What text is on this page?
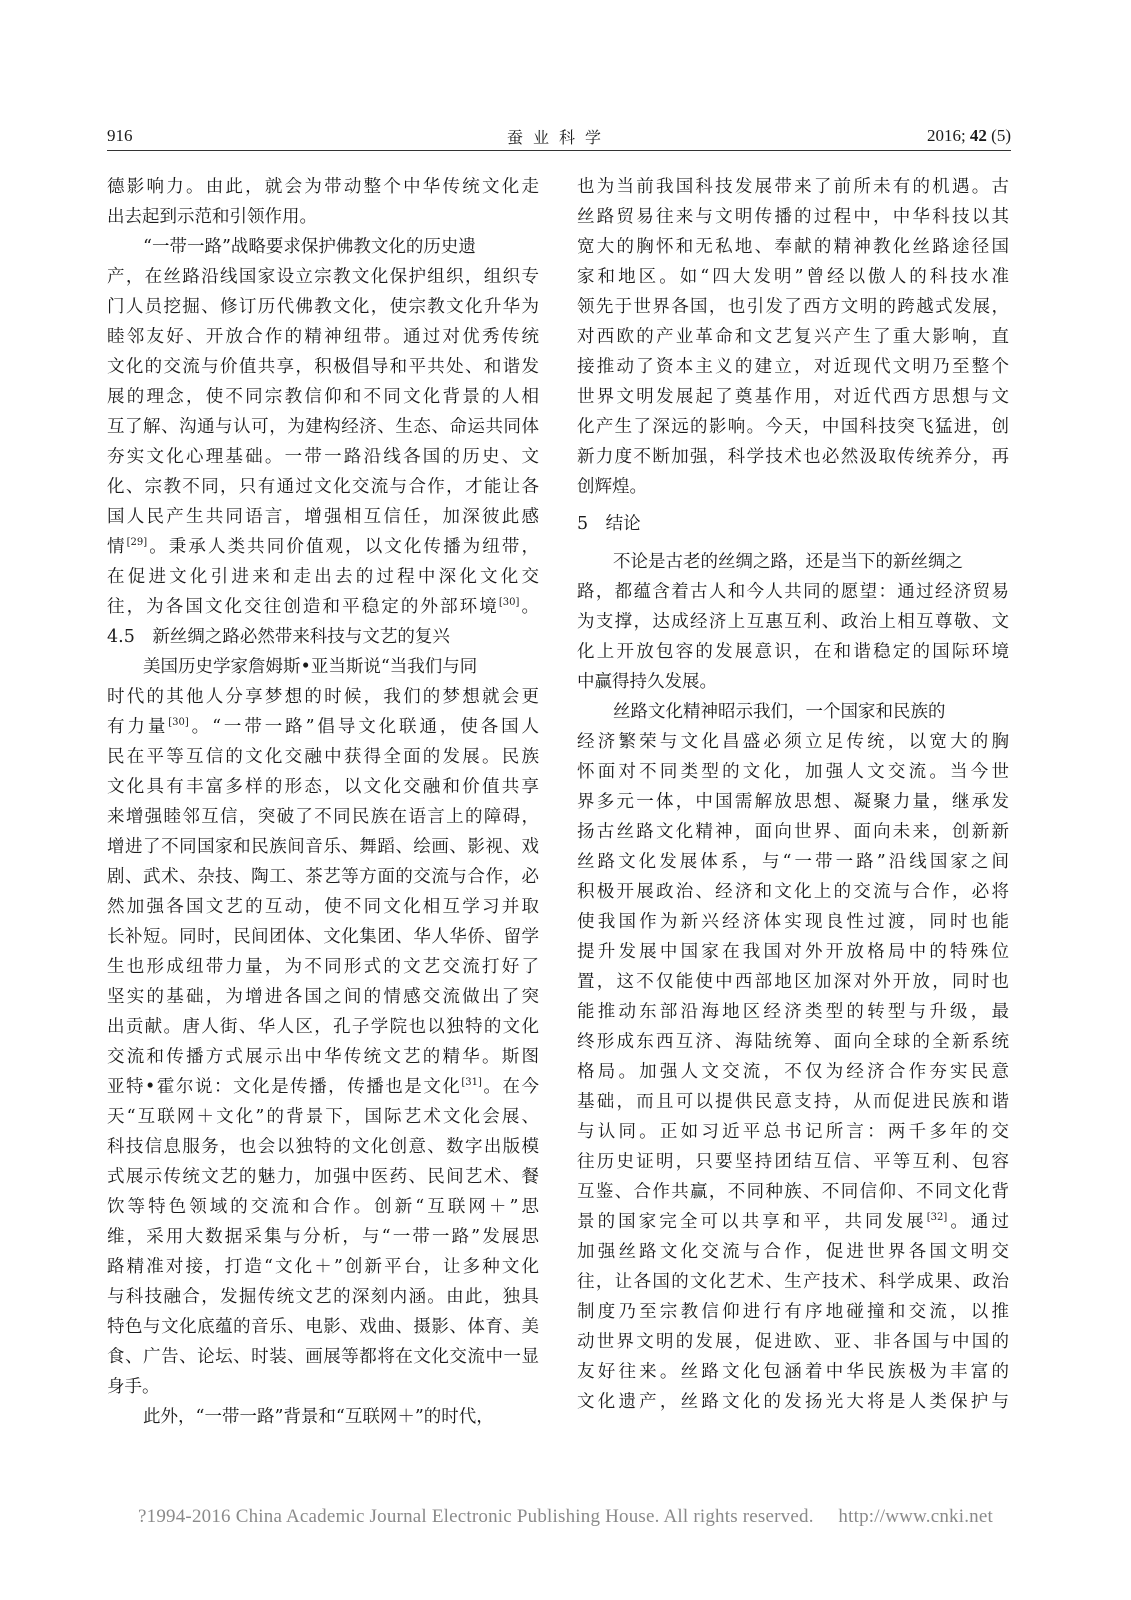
916	蚕业科学	2016; 42 (5)
德影响力。由此，就会为带动整个中华传统文化走
出去起到示范和引领作用。
“一带一路”战略要求保护佛教文化的历史遗
产，在丝路沿线国家设立宗教文化保护组织，组织专
门人员挖掘、修订历代佛教文化，使宗教文化升华为
睦邻友好、开放合作的精神纽带。通过对优秀传统
文化的交流与价值共享，积极倡导和平共处、和谐发
展的理念，使不同宗教信仰和不同文化背景的人相
互了解、沟通与认可，为建构经济、生态、命运共同体
夯实文化心理基础。一带一路沿线各国的历史、文
化、宗教不同，只有通过文化交流与合作，才能让各
国人民产生共同语言，增强相互信任，加深彼此感
情[29]。秉承人类共同价值观，以文化传播为纽带，
在促进文化引进来和走出去的过程中深化文化交
往，为各国文化交往创造和平稳定的外部环境[30]。
4.5　新丝绸之路必然带来科技与文艺的复兴
美国历史学家詹姆斯•亚当斯说“当我们与同
时代的其他人分享梦想的时候，我们的梦想就会更
有力量[30]。“一带一路”倡导文化联通，使各国人
民在平等互信的文化交融中获得全面的发展。民族
文化具有丰富多样的形态，以文化交融和价值共享
来增强睦邻互信，突破了不同民族在语言上的障碍，
增进了不同国家和民族间音乐、舞蹈、绘画、影视、戏
剧、武术、杂技、陶工、茶艺等方面的交流与合作，必
然加强各国文艺的互动，使不同文化相互学习并取
长补短。同时，民间团体、文化集团、华人华侨、留学
生也形成纽带力量，为不同形式的文艺交流打好了
坚实的基础，为增进各国之间的情感交流做出了突
出贡献。唐人街、华人区，孔子学院也以独特的文化
交流和传播方式展示出中华传统文艺的精华。斯图
亚特•霍尔说：文化是传播，传播也是文化[31]。在今
天“互联网＋文化”的背景下，国际艺术文化会展、
科技信息服务，也会以独特的文化创意、数字出版模
式展示传统文艺的魅力，加强中医药、民间艺术、餐
饮等特色领域的交流和合作。创新“互联网＋”思
维，采用大数据采集与分析，与“一带一路”发展思
路精准对接，打造“文化＋”创新平台，让多种文化
与科技融合，发掘传统文艺的深刻内涵。由此，独具
特色与文化底蕴的音乐、电影、戏曲、摄影、体育、美
食、广告、论坛、时装、画展等都将在文化交流中一显
身手。
此外，“一带一路”背景和“互联网＋”的时代，
也为当前我国科技发展带来了前所未有的机遇。古
丝路贸易往来与文明传播的过程中，中华科技以其
宽大的胸怀和无私地、奉献的精神教化丝路途径国
家和地区。如“四大发明”曾经以傲人的科技水准
领先于世界各国，也引发了西方文明的跨越式发展，
对西欧的产业革命和文艺复兴产生了重大影响，直
接推动了资本主义的建立，对近现代文明乃至整个
世界文明发展起了奠基作用，对近代西方思想与文
化产生了深远的影响。今天，中国科技突飞猛进，创
新力度不断加强，科学技术也必然汲取传统养分，再
创辉煌。
5　结论
不论是古老的丝绸之路，还是当下的新丝绸之
路，都蕴含着古人和今人共同的愿望：通过经济贸易
为支撑，达成经济上互惠互利、政治上相互尊敬、文
化上开放包容的发展意识，在和谐稳定的国际环境
中赢得持久发展。
丝路文化精神昭示我们，一个国家和民族的
经济繁荣与文化昌盛必须立足传统，以宽大的胸
怀面对不同类型的文化，加强人文交流。当今世
界多元一体，中国需解放思想、凝聚力量，继承发
扬古丝路文化精神，面向世界、面向未来，创新新
丝路文化发展体系，与“一带一路”沿线国家之间
积极开展政治、经济和文化上的交流与合作，必将
使我国作为新兴经济体实现良性过渡，同时也能
提升发展中国家在我国对外开放格局中的特殊位
置，这不仅能使中西部地区加深对外开放，同时也
能推动东部沿海地区经济类型的转型与升级，最
终形成东西互济、海陆统筹、面向全球的全新系统
格局。加强人文交流，不仅为经济合作夯实民意
基础，而且可以提供民意支持，从而促进民族和谐
与认同。正如习近平总书记所言：两千多年的交
往历史证明，只要坚持团结互信、平等互利、包容
互鉴、合作共赢，不同种族、不同信仰、不同文化背
景的国家完全可以共享和平，共同发展[32]。通过
加强丝路文化交流与合作，促进世界各国文明交
往，让各国的文化艺术、生产技术、科学成果、政治
制度乃至宗教信仰进行有序地碰撞和交流，以推
动世界文明的发展，促进欧、亚、非各国与中国的
友好往来。丝路文化包涵着中华民族极为丰富的
文化遗产，丝路文化的发扬光大将是人类保护与
?1994-2016 China Academic Journal Electronic Publishing House. All rights reserved. http://www.cnki.net
